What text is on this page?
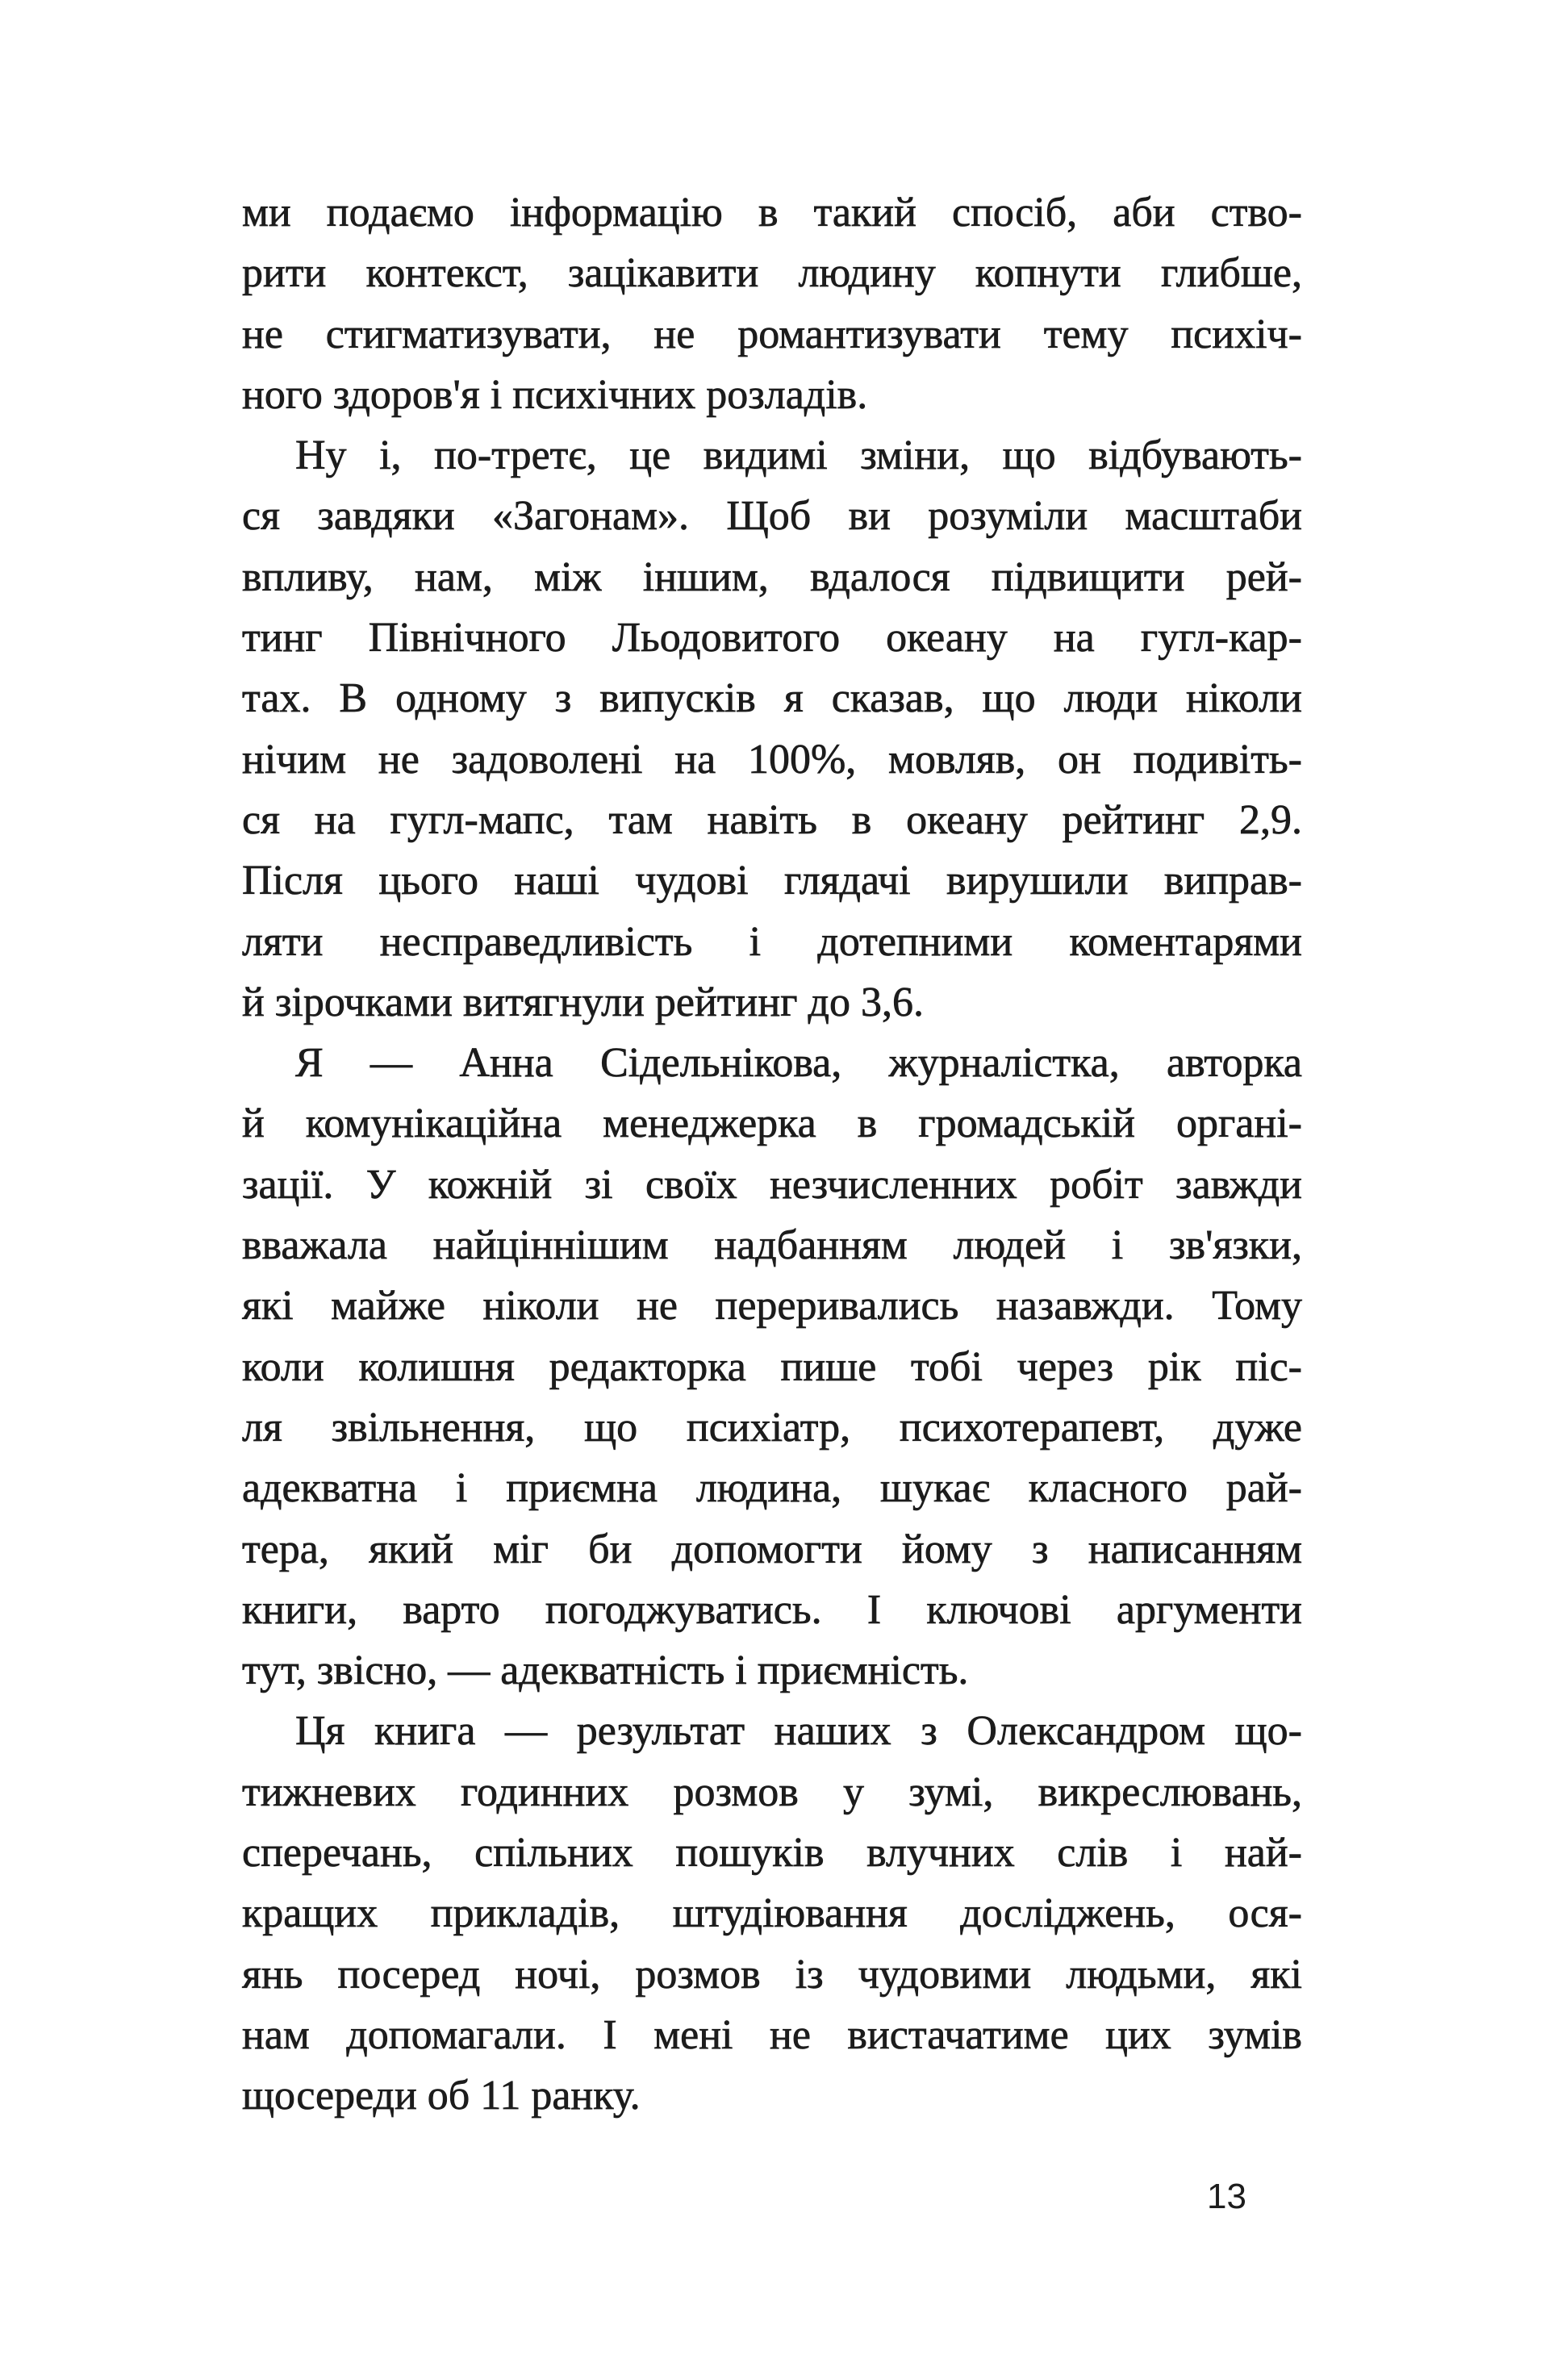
ми подаємо інформацію в такий спосіб, аби ство-
рити контекст, зацікавити людину копнути глибше,
не стигматизувати, не романтизувати тему психіч-
ного здоров'я і психічних розладів.
Ну і, по-третє, це видимі зміни, що відбувають-
ся завдяки «Загонам». Щоб ви розуміли масштаби
впливу, нам, між іншим, вдалося підвищити рей-
тинг Північного Льодовитого океану на гугл-кар-
тах. В одному з випусків я сказав, що люди ніколи
нічим не задоволені на 100%, мовляв, он подивіть-
ся на гугл-мапс, там навіть в океану рейтинг 2,9.
Після цього наші чудові глядачі вирушили виправ-
ляти несправедливість і дотепними коментарями
й зірочками витягнули рейтинг до 3,6.
Я — Анна Сідельнікова, журналістка, авторка
й комунікаційна менеджерка в громадській органі-
зації. У кожній зі своїх незчисленних робіт завжди
вважала найціннішим надбанням людей і зв'язки,
які майже ніколи не переривались назавжди. Тому
коли колишня редакторка пише тобі через рік піс-
ля звільнення, що психіатр, психотерапевт, дуже
адекватна і приємна людина, шукає класного рай-
тера, який міг би допомогти йому з написанням
книги, варто погоджуватись. І ключові аргументи
тут, звісно, — адекватність і приємність.
Ця книга — результат наших з Олександром що-
тижневих годинних розмов у зумі, викреслювань,
сперечань, спільних пошуків влучних слів і най-
кращих прикладів, штудіювання досліджень, ося-
янь посеред ночі, розмов із чудовими людьми, які
нам допомагали. І мені не вистачатиме цих зумів
щосереди об 11 ранку.
13
